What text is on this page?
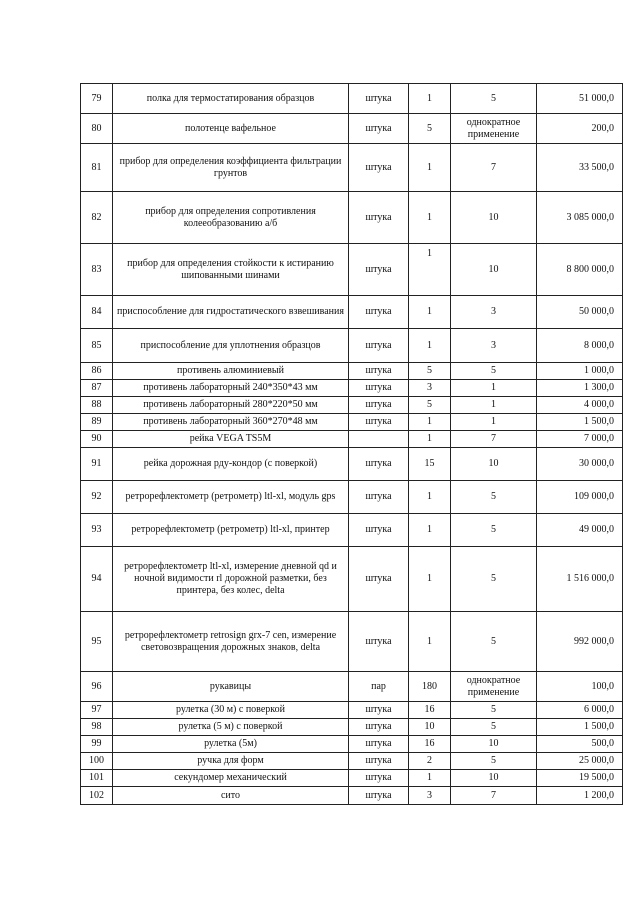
79	полка для термостатирования образцов	штука	1	5	51 000,0
80	полотенце вафельное	штука	5	однократное применение	200,0
81	прибор для определения коэффициента фильтрации грунтов	штука	1	7	33 500,0
82	прибор для определения сопротивления колееобразованию а/б	штука	1	10	3 085 000,0
83	прибор для определения стойкости к истиранию шипованными шинами	штука	1	10	8 800 000,0
84	приспособление для гидростатического взвешивания	штука	1	3	50 000,0
85	приспособление для уплотнения образцов	штука	1	3	8 000,0
86	противень алюминиевый	штука	5	5	1 000,0
87	противень лабораторный 240*350*43 мм	штука	3	1	1 300,0
88	противень лабораторный 280*220*50 мм	штука	5	1	4 000,0
89	противень лабораторный 360*270*48 мм	штука	1	1	1 500,0
90	рейка VEGA TS5M		1	7	7 000,0
91	рейка дорожная рду-кондор (с поверкой)	штука	15	10	30 000,0
92	ретрорефлектометр (ретрометр) ltl-xl, модуль gps	штука	1	5	109 000,0
93	ретрорефлектометр (ретрометр) ltl-xl, принтер	штука	1	5	49 000,0
94	ретрорефлектометр ltl-xl, измерение дневной qd и ночной видимости rl дорожной разметки, без принтера, без колес, delta	штука	1	5	1 516 000,0
95	ретрорефлектометр retrosign grx-7 cen, измерение световозвращения дорожных знаков, delta	штука	1	5	992 000,0
96	рукавицы	пар	180	однократное применение	100,0
97	рулетка (30 м) с поверкой	штука	16	5	6 000,0
98	рулетка (5 м) с поверкой	штука	10	5	1 500,0
99	рулетка (5м)	штука	16	10	500,0
100	ручка для форм	штука	2	5	25 000,0
101	секундомер механический	штука	1	10	19 500,0
102	сито	штука	3	7	1 200,0
